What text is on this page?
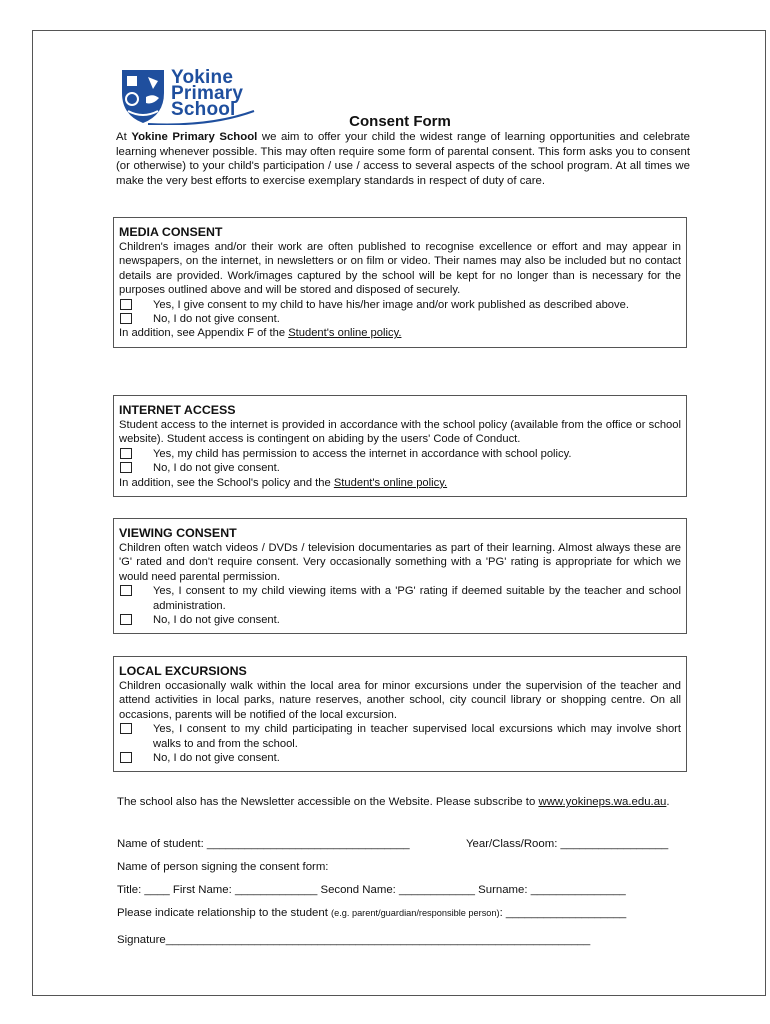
Yokine
Primary
School
Consent Form
At Yokine Primary School we aim to offer your child the widest range of learning opportunities and celebrate learning whenever possible. This may often require some form of parental consent. This form asks you to consent (or otherwise) to your child's participation / use / access to several aspects of the school program. At all times we make the very best efforts to exercise exemplary standards in respect of duty of care.
MEDIA CONSENT

Children's images and/or their work are often published to recognise excellence or effort and may appear in newspapers, on the internet, in newsletters or on film or video. Their names may also be included but no contact details are provided. Work/images captured by the school will be kept for no longer than is necessary for the purposes outlined above and will be stored and disposed of securely.

Yes, I give consent to my child to have his/her image and/or work published as described above.
No, I do not give consent.

In addition, see Appendix F of the Student's online policy.

INTERNET ACCESS

Student access to the internet is provided in accordance with the school policy (available from the office or school website). Student access is contingent on abiding by the users' Code of Conduct.

Yes, my child has permission to access the internet in accordance with school policy.
No, I do not give consent.

In addition, see the School's policy and the Student's online policy.

VIEWING CONSENT

Children often watch videos / DVDs / television documentaries as part of their learning. Almost always these are 'G' rated and don't require consent. Very occasionally something with a 'PG' rating is appropriate for which we would need parental permission.

Yes, I consent to my child viewing items with a 'PG' rating if deemed suitable by the teacher and school administration.
No, I do not give consent.
LOCAL EXCURSIONS

Children occasionally walk within the local area for minor excursions under the supervision of the teacher and attend activities in local parks, nature reserves, another school, city council library or shopping centre. On all occasions, parents will be notified of the local excursion.

Yes, I consent to my child participating in teacher supervised local excursions which may involve short walks to and from the school.
No, I do not give consent.
The school also has the Newsletter accessible on the Website. Please subscribe to www.yokineps.wa.edu.au.
Name of student: ________________________________	Year/Class/Room: _________________
Name of person signing the consent form:
Title: ____ First Name: _____________ Second Name: ____________ Surname: _______________
Please indicate relationship to the student (e.g. parent/guardian/responsible person): ___________________
Signature___________________________________________________________________
